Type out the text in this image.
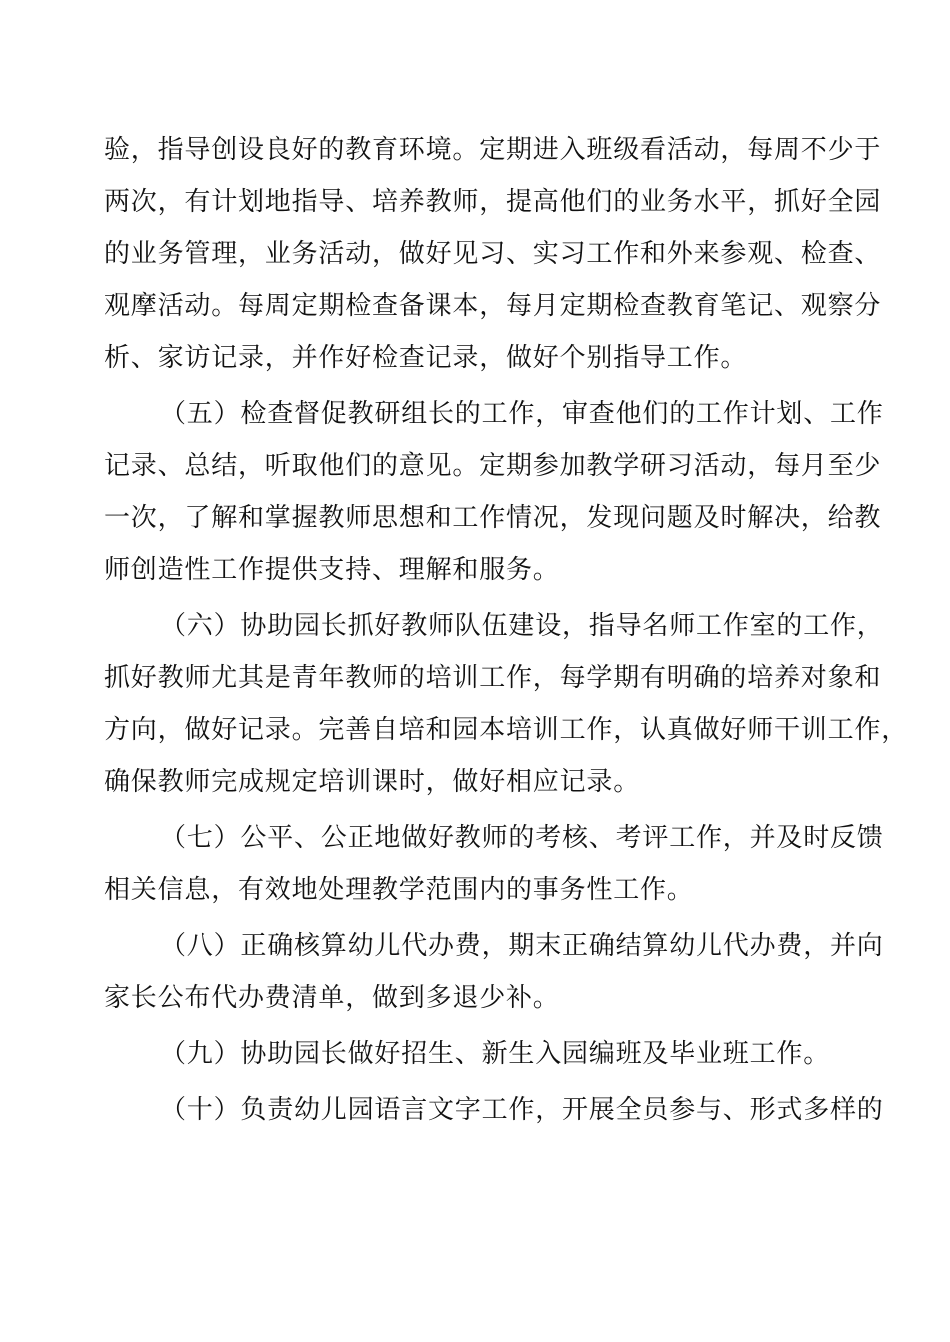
验，指导创设良好的教育环境。定期进入班级看活动，每周不少于
两次，有计划地指导、培养教师，提高他们的业务水平，抓好全园
的业务管理，业务活动，做好见习、实习工作和外来参观、检查、
观摩活动。每周定期检查备课本，每月定期检查教育笔记、观察分
析、家访记录，并作好检查记录，做好个别指导工作。
（五）检查督促教研组长的工作，审查他们的工作计划、工作
记录、总结，听取他们的意见。定期参加教学研习活动，每月至少
一次，了解和掌握教师思想和工作情况，发现问题及时解决，给教
师创造性工作提供支持、理解和服务。
（六）协助园长抓好教师队伍建设，指导名师工作室的工作，
抓好教师尤其是青年教师的培训工作，每学期有明确的培养对象和
方向，做好记录。完善自培和园本培训工作，认真做好师干训工作，
确保教师完成规定培训课时，做好相应记录。
（七）公平、公正地做好教师的考核、考评工作，并及时反馈
相关信息，有效地处理教学范围内的事务性工作。
（八）正确核算幼儿代办费，期末正确结算幼儿代办费，并向
家长公布代办费清单，做到多退少补。
（九）协助园长做好招生、新生入园编班及毕业班工作。
（十）负责幼儿园语言文字工作，开展全员参与、形式多样的
